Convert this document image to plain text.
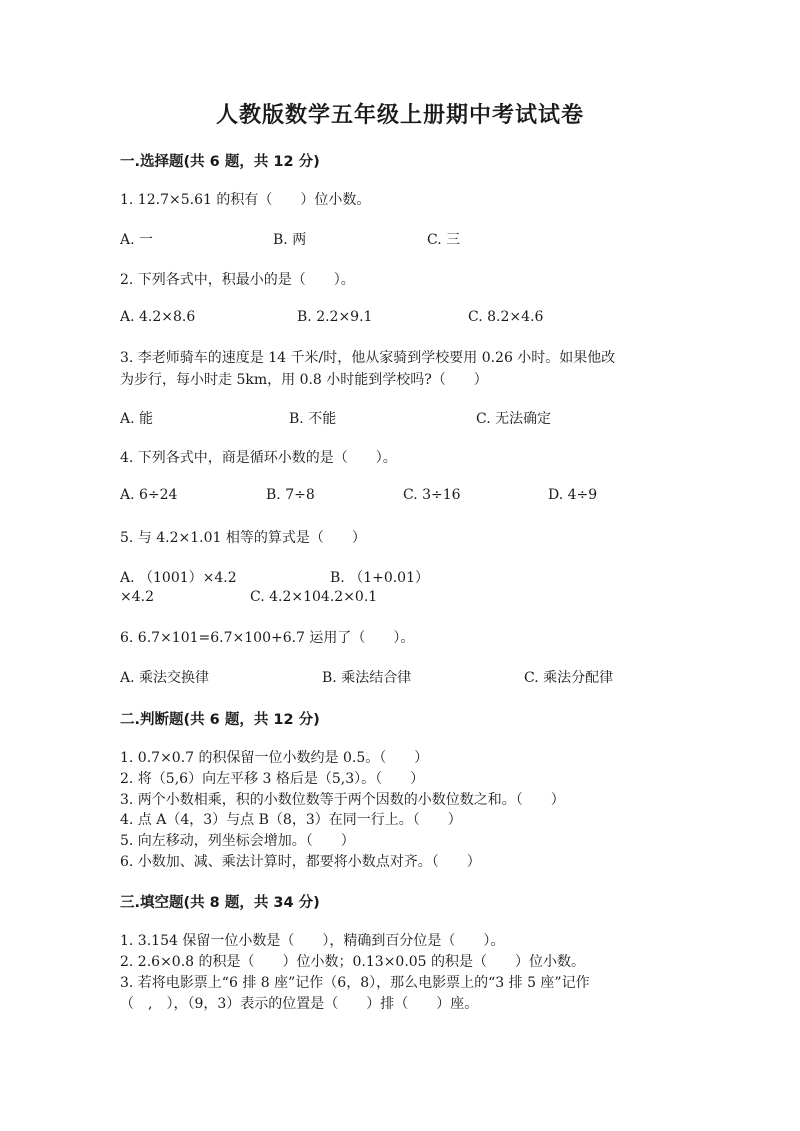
人教版数学五年级上册期中考试试卷
一.选择题(共 6 题，共 12 分)
1. 12.7×5.61 的积有（　　）位小数。
A. 一	B. 两	C. 三
2. 下列各式中，积最小的是（　　）。
A. 4.2×8.6	B. 2.2×9.1	C. 8.2×4.6
3. 李老师骑车的速度是 14 千米/时，他从家骑到学校要用 0.26 小时。如果他改
为步行，每小时走 5km，用 0.8 小时能到学校吗?（　　）
A. 能	B. 不能	C. 无法确定
4. 下列各式中，商是循环小数的是（　　）。
A. 6÷24	B. 7÷8	C. 3÷16	D. 4÷9
5. 与 4.2×1.01 相等的算式是（　　）
A. （1001）×4.2	B. （1+0.01）
×4.2	C. 4.2×104.2×0.1
6. 6.7×101=6.7×100+6.7 运用了（　　）。
A. 乘法交换律	B. 乘法结合律	C. 乘法分配律
二.判断题(共 6 题，共 12 分)
1. 0.7×0.7 的积保留一位小数约是 0.5。（　　）
2. 将（5,6）向左平移 3 格后是（5,3）。（　　）
3. 两个小数相乘，积的小数位数等于两个因数的小数位数之和。（　　）
4. 点 A（4，3）与点 B（8，3）在同一行上。（　　）
5. 向左移动，列坐标会增加。（　　）
6. 小数加、减、乘法计算时，都要将小数点对齐。（　　）
三.填空题(共 8 题，共 34 分)
1. 3.154 保留一位小数是（　　），精确到百分位是（　　）。
2. 2.6×0.8 的积是（　　）位小数；0.13×0.05 的积是（　　）位小数。
3. 若将电影票上“6 排 8 座”记作（6，8），那么电影票上的“3 排 5 座”记作
（　,　），（9，3）表示的位置是（　　）排（　　）座。
